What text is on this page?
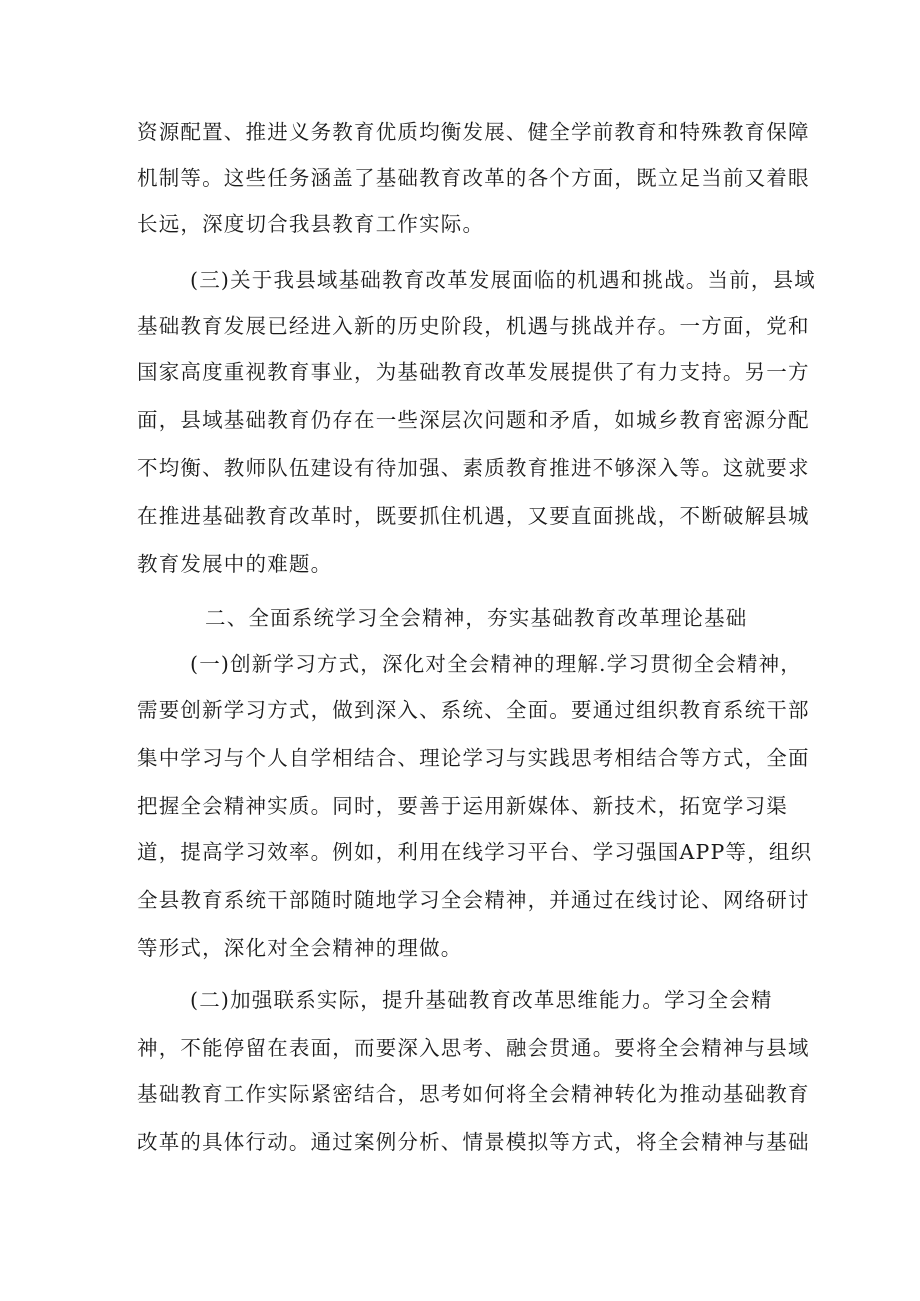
资源配置、推进义务教育优质均衡发展、健全学前教育和特殊教育保障
机制等。这些任务涵盖了基础教育改革的各个方面，既立足当前又着眼
长远，深度切合我县教育工作实际。
(三)关于我县域基础教育改革发展面临的机遇和挑战。当前，县域
基础教育发展已经进入新的历史阶段，机遇与挑战并存。一方面，党和
国家高度重视教育事业，为基础教育改革发展提供了有力支持。另一方
面，县域基础教育仍存在一些深层次问题和矛盾，如城乡教育密源分配
不均衡、教师队伍建设有待加强、素质教育推进不够深入等。这就要求
在推进基础教育改革时，既要抓住机遇，又要直面挑战，不断破解县城
教育发展中的难题。
二、全面系统学习全会精神，夯实基础教育改革理论基础
(一)创新学习方式，深化对全会精神的理解.学习贯彻全会精神，
需要创新学习方式，做到深入、系统、全面。要通过组织教育系统干部
集中学习与个人自学相结合、理论学习与实践思考相结合等方式，全面
把握全会精神实质。同时，要善于运用新媒体、新技术，拓宽学习渠
道，提高学习效率。例如，利用在线学习平台、学习强国APP等，组织
全县教育系统干部随时随地学习全会精神，并通过在线讨论、网络研讨
等形式，深化对全会精神的理做。
(二)加强联系实际，提升基础教育改革思维能力。学习全会精
神，不能停留在表面，而要深入思考、融会贯通。要将全会精神与县域
基础教育工作实际紧密结合，思考如何将全会精神转化为推动基础教育
改革的具体行动。通过案例分析、情景模拟等方式，将全会精神与基础
